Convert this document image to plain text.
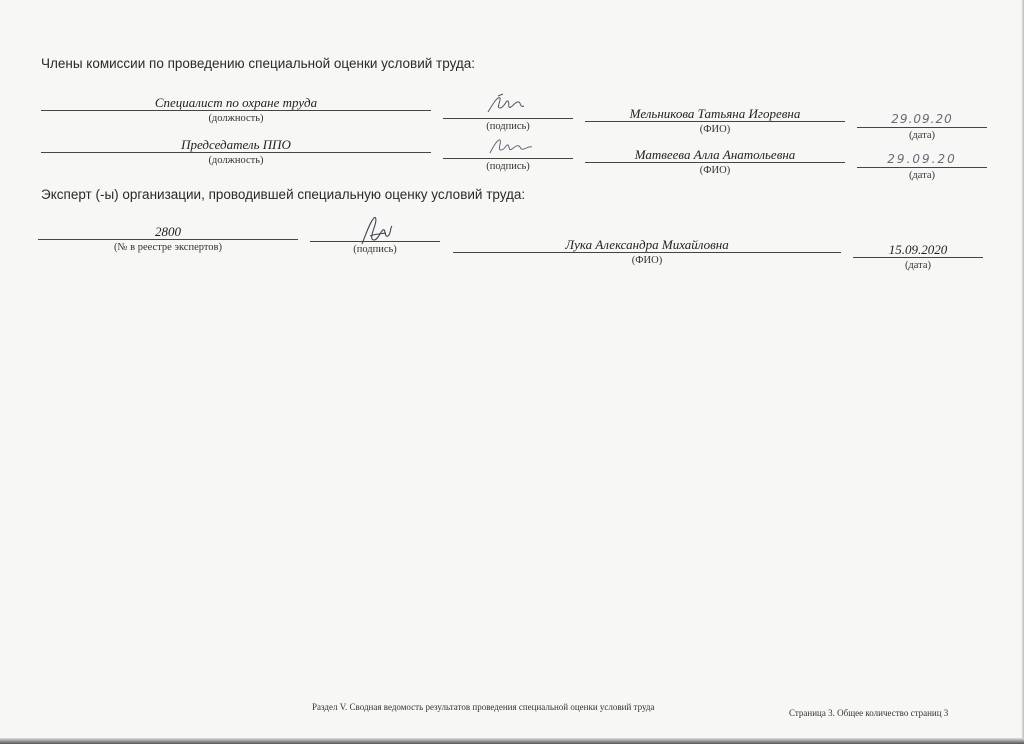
Члены комиссии по проведению специальной оценки условий труда:
Специалист по охране труда
(должность)
(подпись)
Мельникова Татьяна Игоревна
(ФИО)
29.09.20
(дата)
Председатель ППО
(должность)
(подпись)
Матвеева Алла Анатольевна
(ФИО)
29.09.20
(дата)
Эксперт (-ы) организации, проводившей специальную оценку условий труда:
2800
(№ в реестре экспертов)	(подпись)	Лука Александра Михайловна
(ФИО)
15.09.2020
(дата)
Раздел V. Сводная ведомость результатов проведения специальной оценки условий труда
Страница 3. Общее количество страниц 3
